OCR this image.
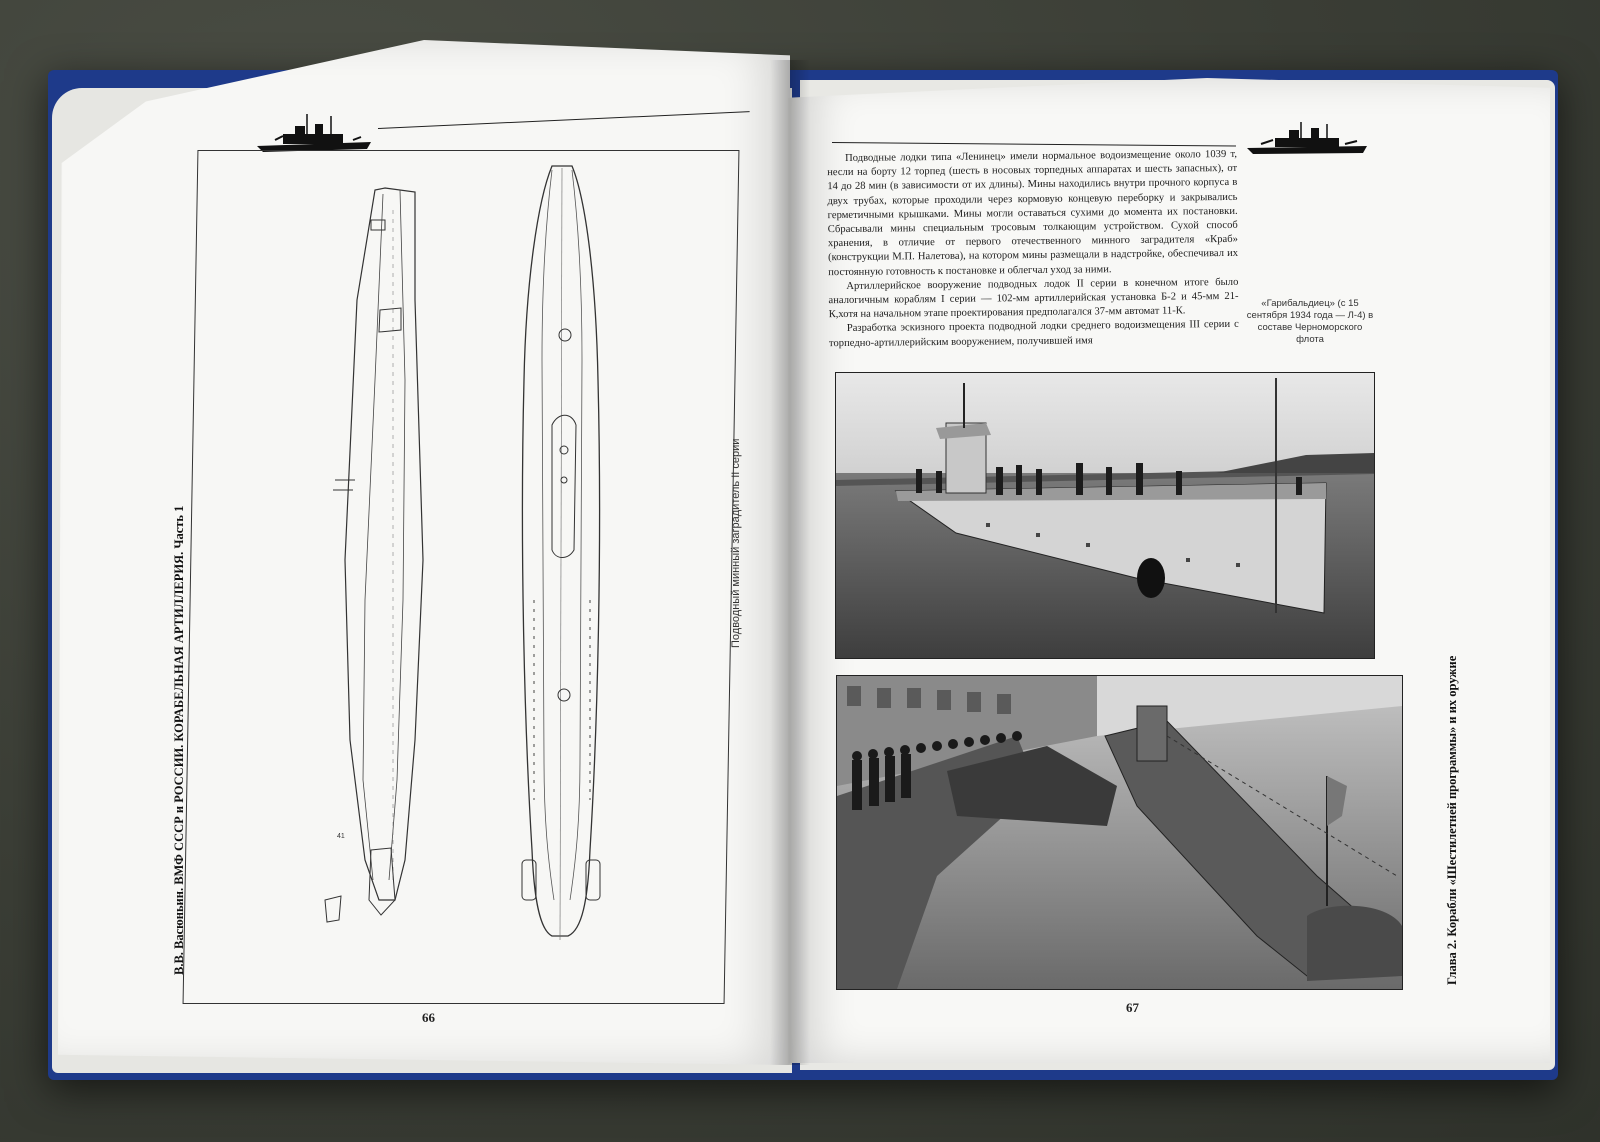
41
В.В. Васюньин. ВМФ СССР и РОССИИ. КОРАБЕЛЬНАЯ АРТИЛЛЕРИЯ. Часть 1	Подводный минный заградитель II серии
66

Подводные лодки типа «Ленинец» имели нормальное водоизмещение около 1039 т, несли на борту 12 торпед (шесть в носовых торпедных аппаратах и шесть запасных), от 14 до 28 мин (в зависимости от их длины). Мины находились внутри прочного корпуса в двух трубах, которые проходили через кормовую концевую переборку и закрывались герметичными крышками. Мины могли оставаться сухими до момента их постановки. Сбрасывали мины специальным тросовым толкающим устройством. Сухой способ хранения, в отличие от первого отечественного минного заградителя «Краб» (конструкции М.П. Налетова), на котором мины размещали в надстройке, обеспечивал их постоянную готовность к постановке и облегчал уход за ними.

Артиллерийское вооружение подводных лодок II серии в конечном итоге было аналогичным кораблям I серии — 102-мм артиллерийская установка Б-2 и 45-мм 21-К,хотя на начальном этапе проектирования предполагался 37-мм автомат 11-К.

Разработка эскизного проекта подводной лодки среднего водоизмещения III серии с торпедно-артиллерийским вооружением, получившей имя

«Гарибальдиец» (с 15 сентября 1934 года — Л-4) в составе Черноморского флота
Глава 2. Корабли «Шестилетней программы» и их оружие
67
